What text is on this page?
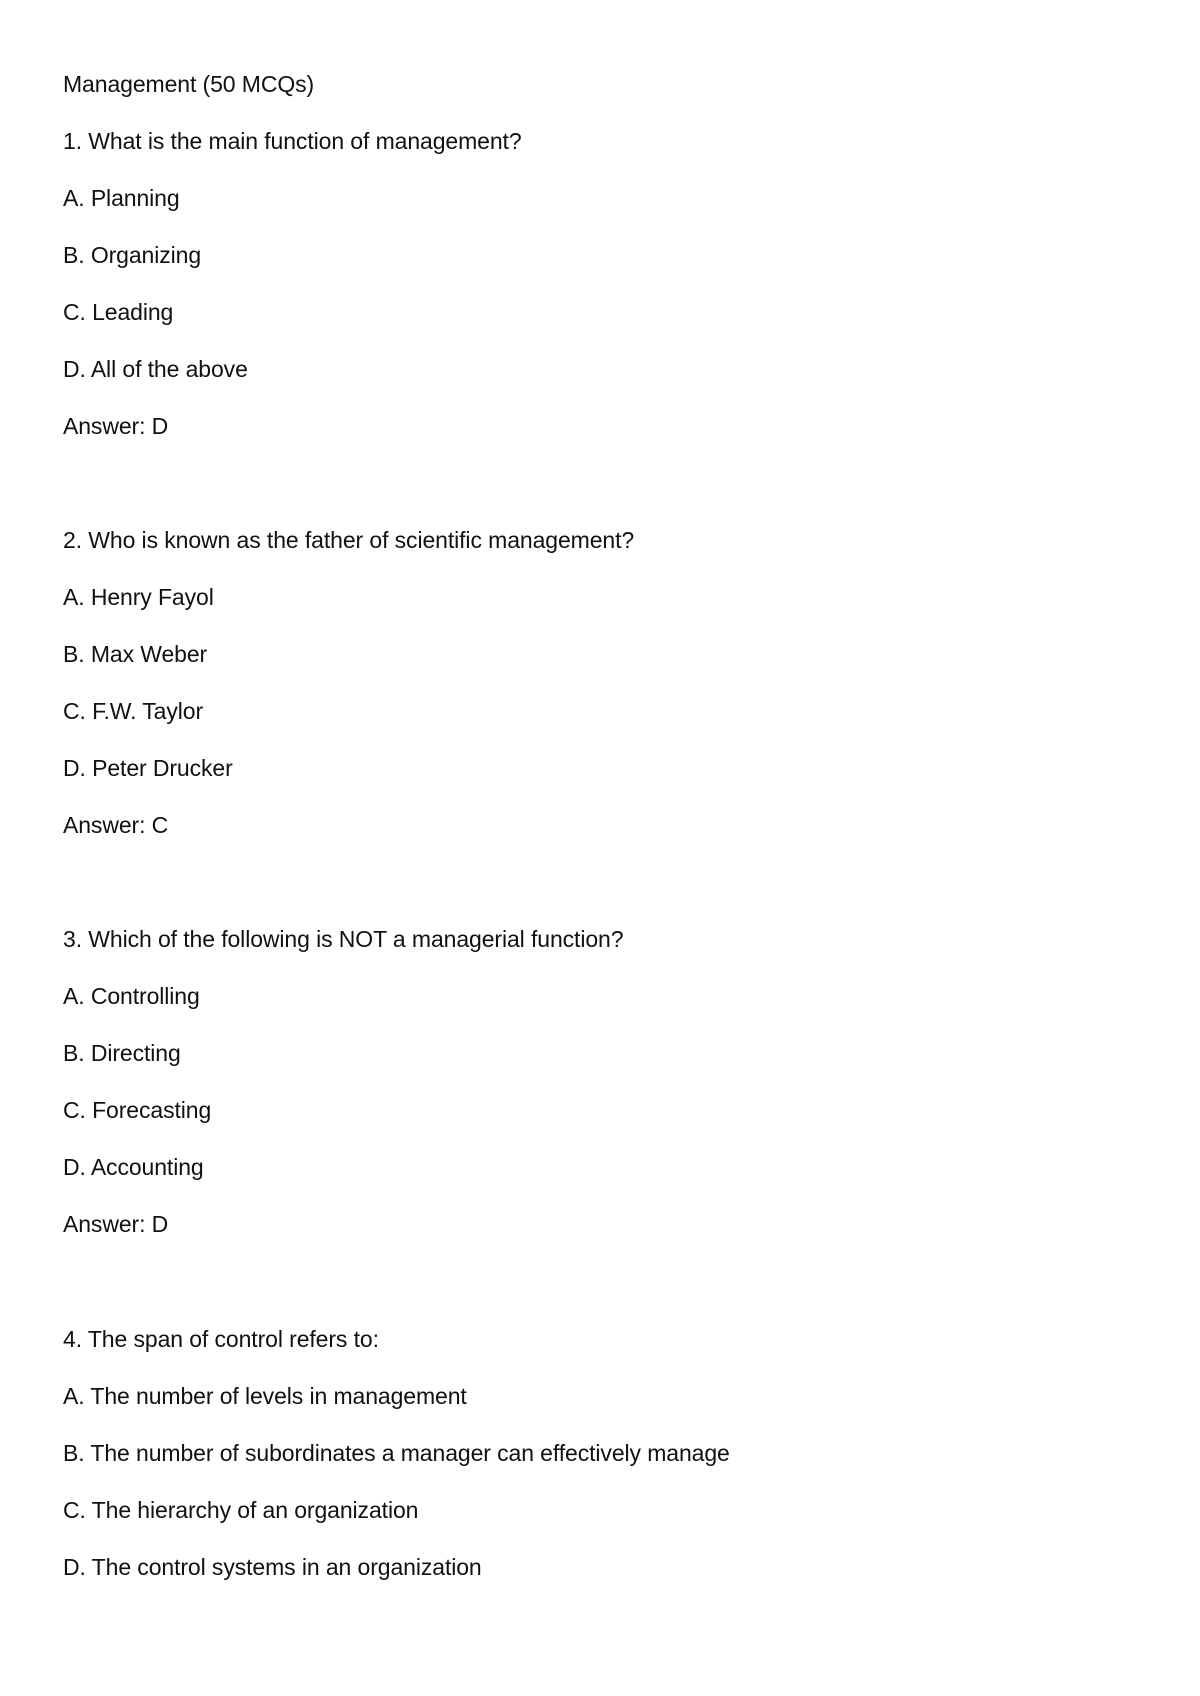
Management (50 MCQs)
1. What is the main function of management?
A. Planning
B. Organizing
C. Leading
D. All of the above
Answer: D
2. Who is known as the father of scientific management?
A. Henry Fayol
B. Max Weber
C. F.W. Taylor
D. Peter Drucker
Answer: C
3. Which of the following is NOT a managerial function?
A. Controlling
B. Directing
C. Forecasting
D. Accounting
Answer: D
4. The span of control refers to:
A. The number of levels in management
B. The number of subordinates a manager can effectively manage
C. The hierarchy of an organization
D. The control systems in an organization
